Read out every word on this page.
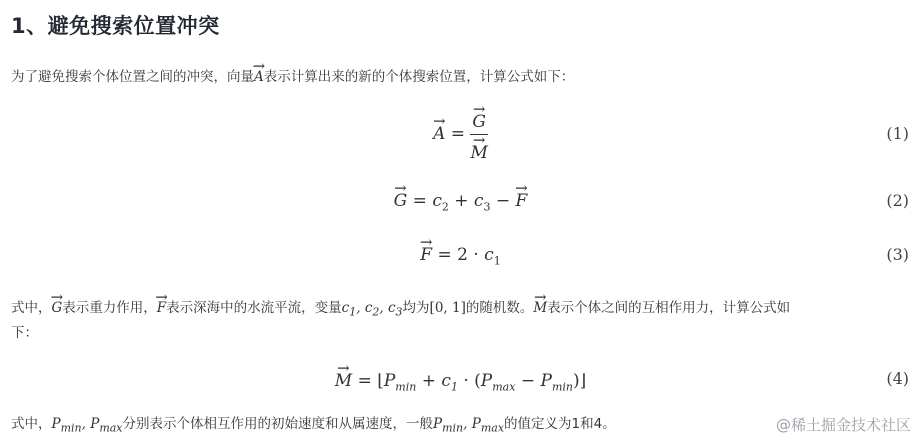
1、避免搜索位置冲突
为了避免搜索个体位置之间的冲突，向量→ A表示计算出来的新的个体搜索位置，计算公式如下：
→ A =
→ G
→ M	(1)
→ $G = c_2 + c_3$ − → F	(2)
→ $F = 2 \cdot c_1$	(3)
式中，→ G表示重力作用，→ F表示深海中的水流平流，变量$c_1$, $c_2$, $c_3$均为[0, 1]的随机数。→ M表示个体之间的互相作用力，计算公式如
下：
→ $M = ⌊P_{min} + c_1 \cdot (P_{max}$ − $P_{min})⌋$	(4)
式中，$P_{min}$, $P_{max}$分别表示个体相互作用的初始速度和从属速度，一般$P_{min}$, $P_{max}$的值定义为1和4。	@稀土掘金技术社区
